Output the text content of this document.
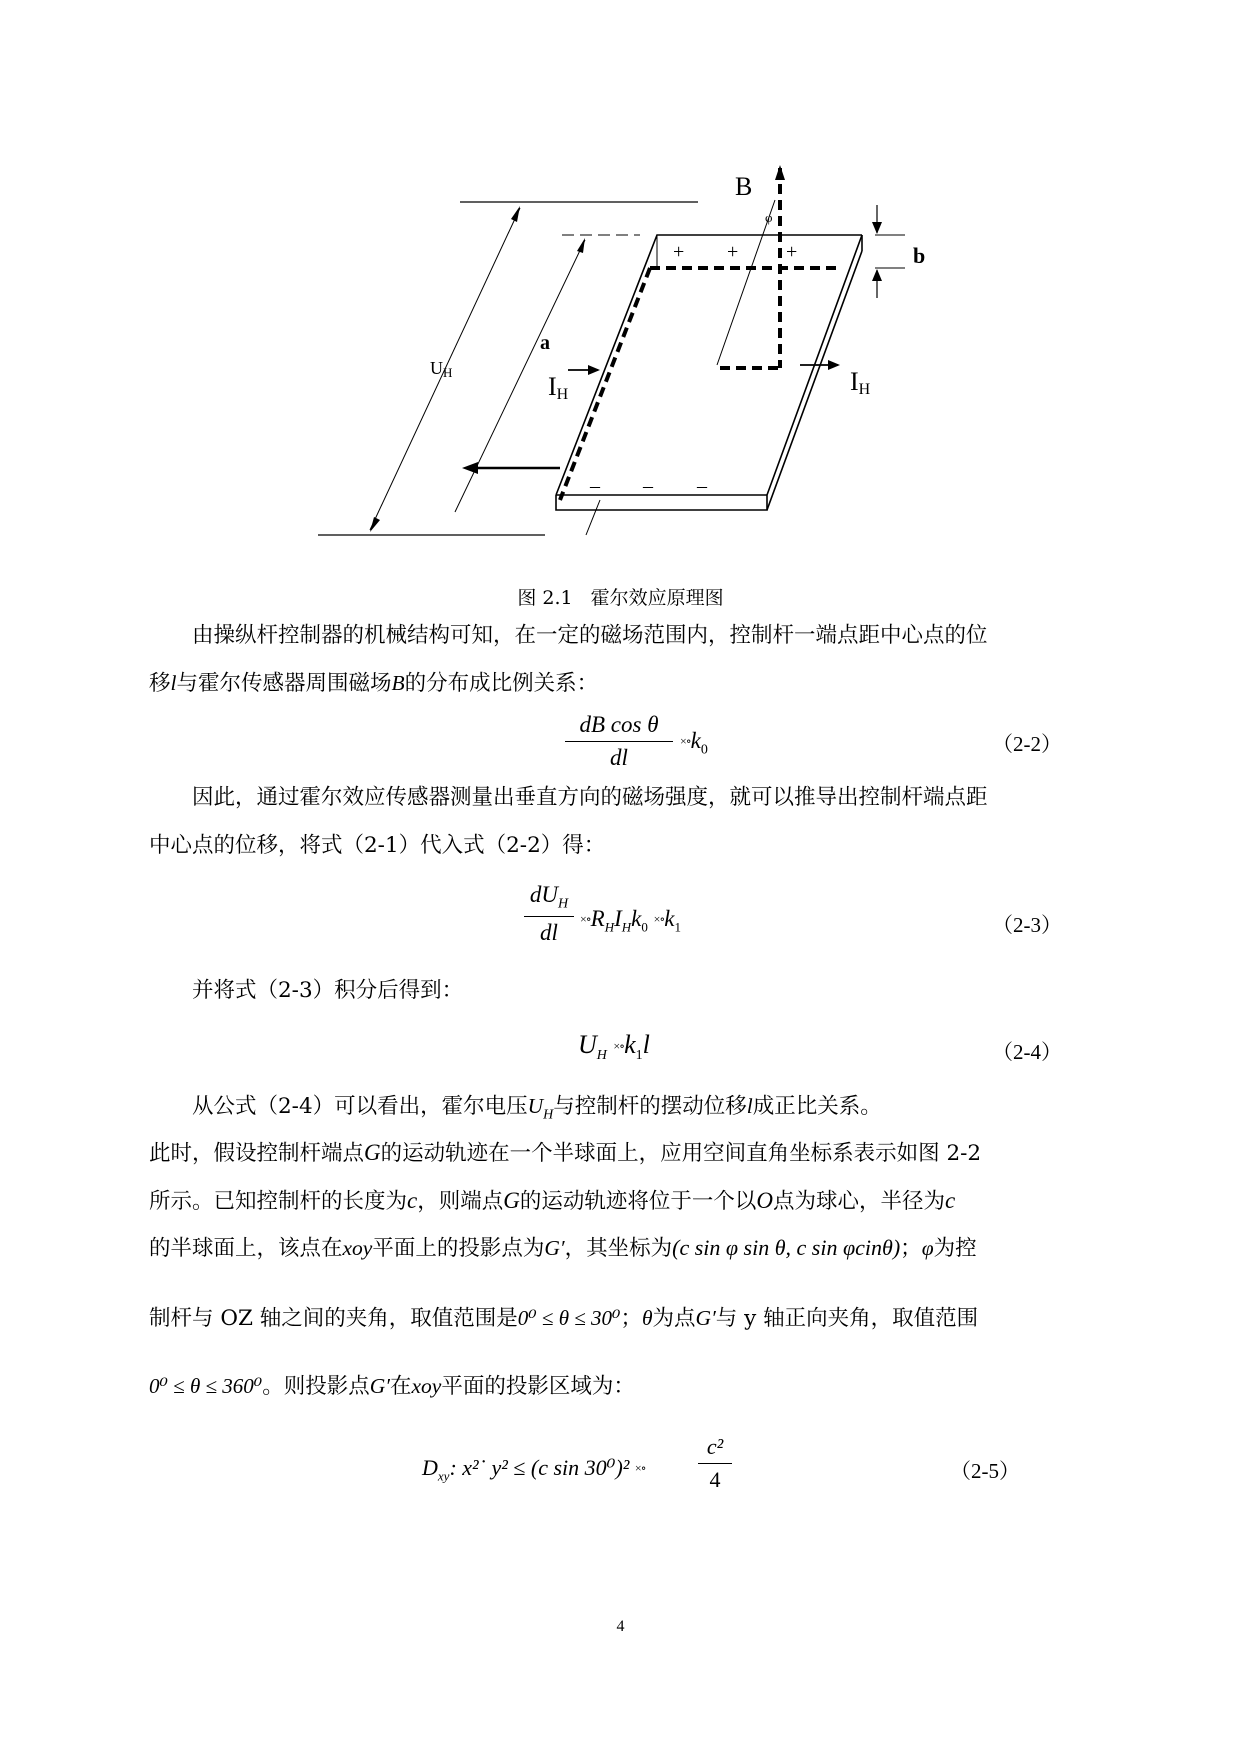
B
φ
b
a
UH	IH	IH
+ + +
– – –
图 2.1 霍尔效应原理图
由操纵杆控制器的机械结构可知，在一定的磁场范围内，控制杆一端点距中心点的位
移l与霍尔传感器周围磁场B的分布成比例关系：
dB cos θ
dl
$\times\circ k_0$	（2-2）
因此，通过霍尔效应传感器测量出垂直方向的磁场强度，就可以推导出控制杆端点距
中心点的位移，将式（2-1）代入式（2-2）得：
$dU_H$
dl
$\times\circ R_HI_Hk_0$ $\times\circ k_1$	（2-3）
并将式（2-3）积分后得到：
$U_H$ $\times\circ k_1l$	（2-4）
从公式（2-4）可以看出，霍尔电压$U_H$与控制杆的摆动位移l成正比关系。
此时，假设控制杆端点G的运动轨迹在一个半球面上，应用空间直角坐标系表示如图 2-2
所示。已知控制杆的长度为c，则端点G的运动轨迹将位于一个以O点为球心，半径为c
的半球面上，该点在xoy平面上的投影点为G′，其坐标为(c sin φ sin θ, c sin φcinθ)；φ为控
制杆与 OZ 轴之间的夹角，取值范围是0⁰ ≤ θ ≤ 30⁰；θ为点G′与 y 轴正向夹角，取值范围
0⁰ ≤ θ ≤ 360⁰。则投影点G′在xoy平面的投影区域为：
$D_{xy}$: x²˙ y² ≤ (c sin 30⁰)² ×∘
c²
4	（2-5）
4
